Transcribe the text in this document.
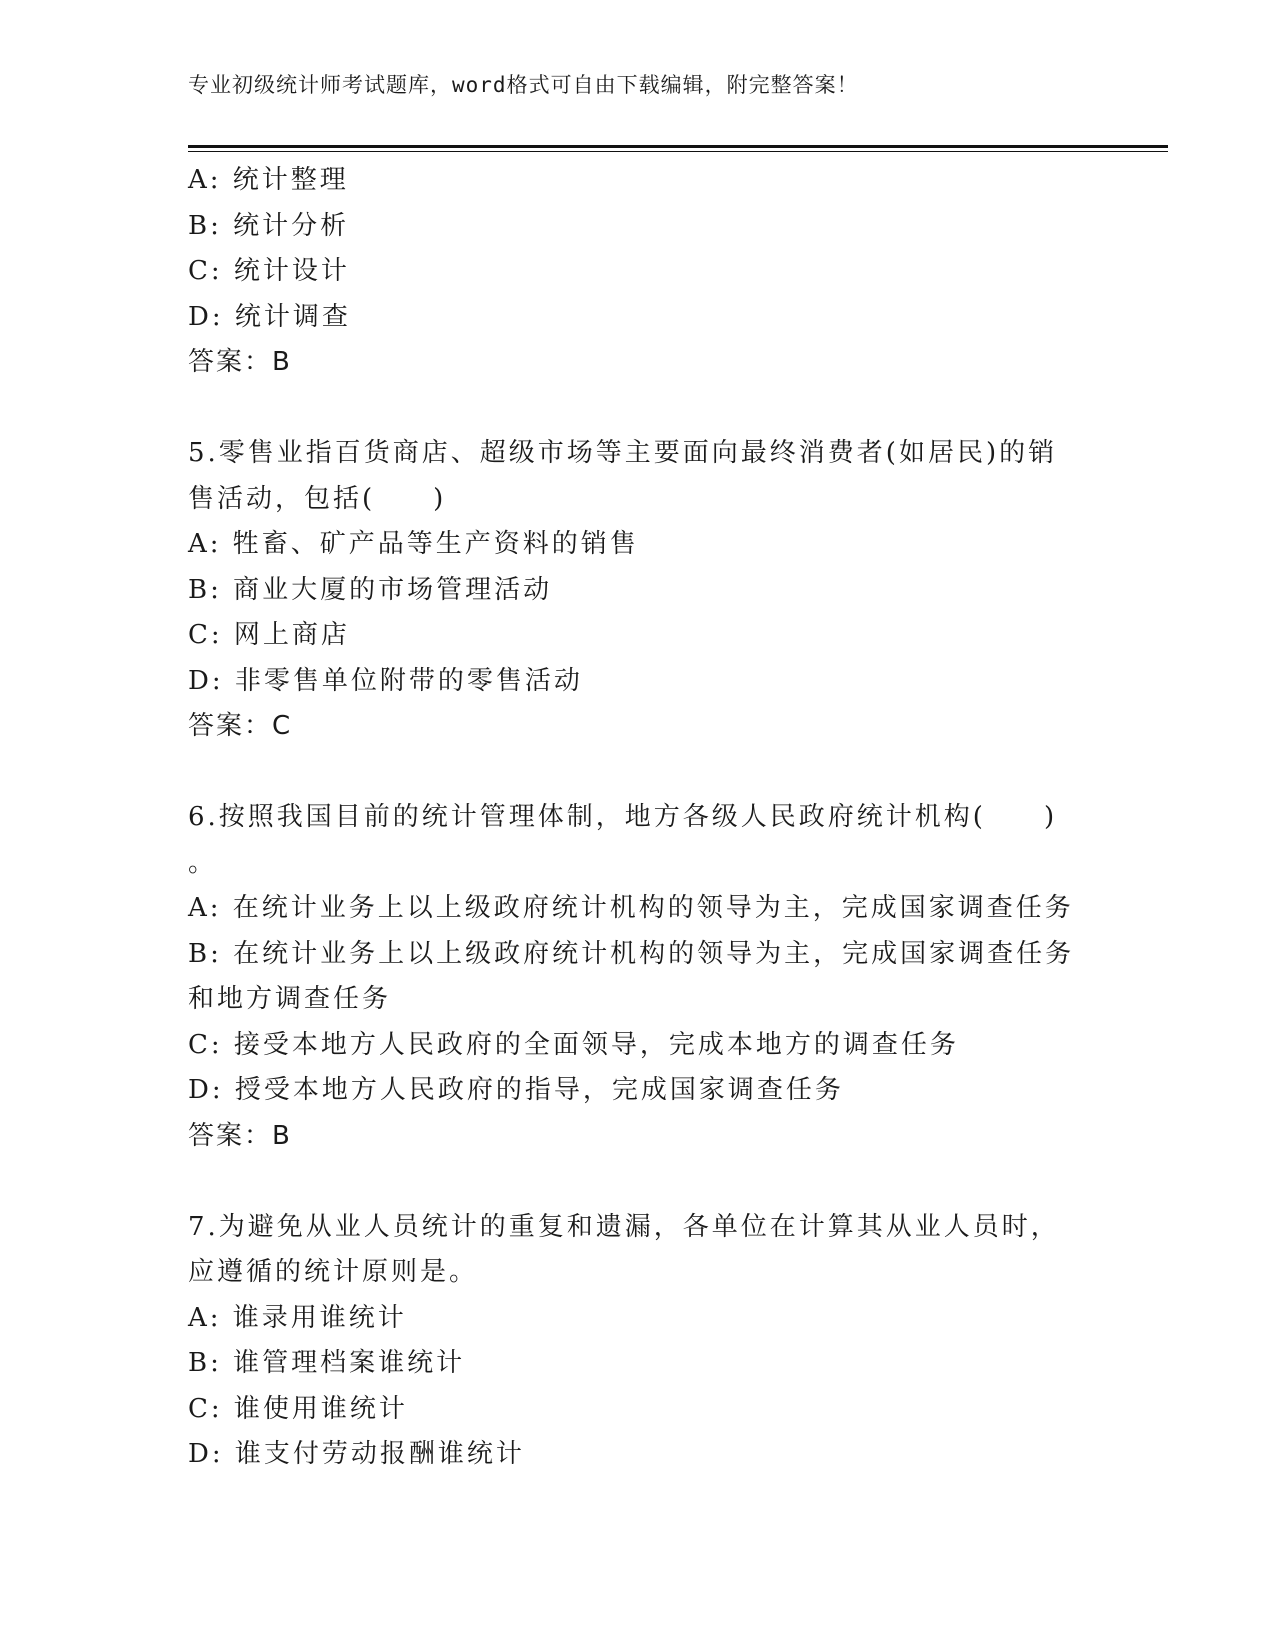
专业初级统计师考试题库，word格式可自由下载编辑，附完整答案！
A: 统计整理
B: 统计分析
C: 统计设计
D: 统计调查
答案：B
5.零售业指百货商店、超级市场等主要面向最终消费者(如居民)的销
售活动，包括(　　)
A: 牲畜、矿产品等生产资料的销售
B: 商业大厦的市场管理活动
C: 网上商店
D: 非零售单位附带的零售活动
答案：C
6.按照我国目前的统计管理体制，地方各级人民政府统计机构(　　)
。
A: 在统计业务上以上级政府统计机构的领导为主，完成国家调查任务
B: 在统计业务上以上级政府统计机构的领导为主，完成国家调查任务
和地方调查任务
C: 接受本地方人民政府的全面领导，完成本地方的调查任务
D: 授受本地方人民政府的指导，完成国家调查任务
答案：B
7.为避免从业人员统计的重复和遗漏，各单位在计算其从业人员时，
应遵循的统计原则是。
A: 谁录用谁统计
B: 谁管理档案谁统计
C: 谁使用谁统计
D: 谁支付劳动报酬谁统计
